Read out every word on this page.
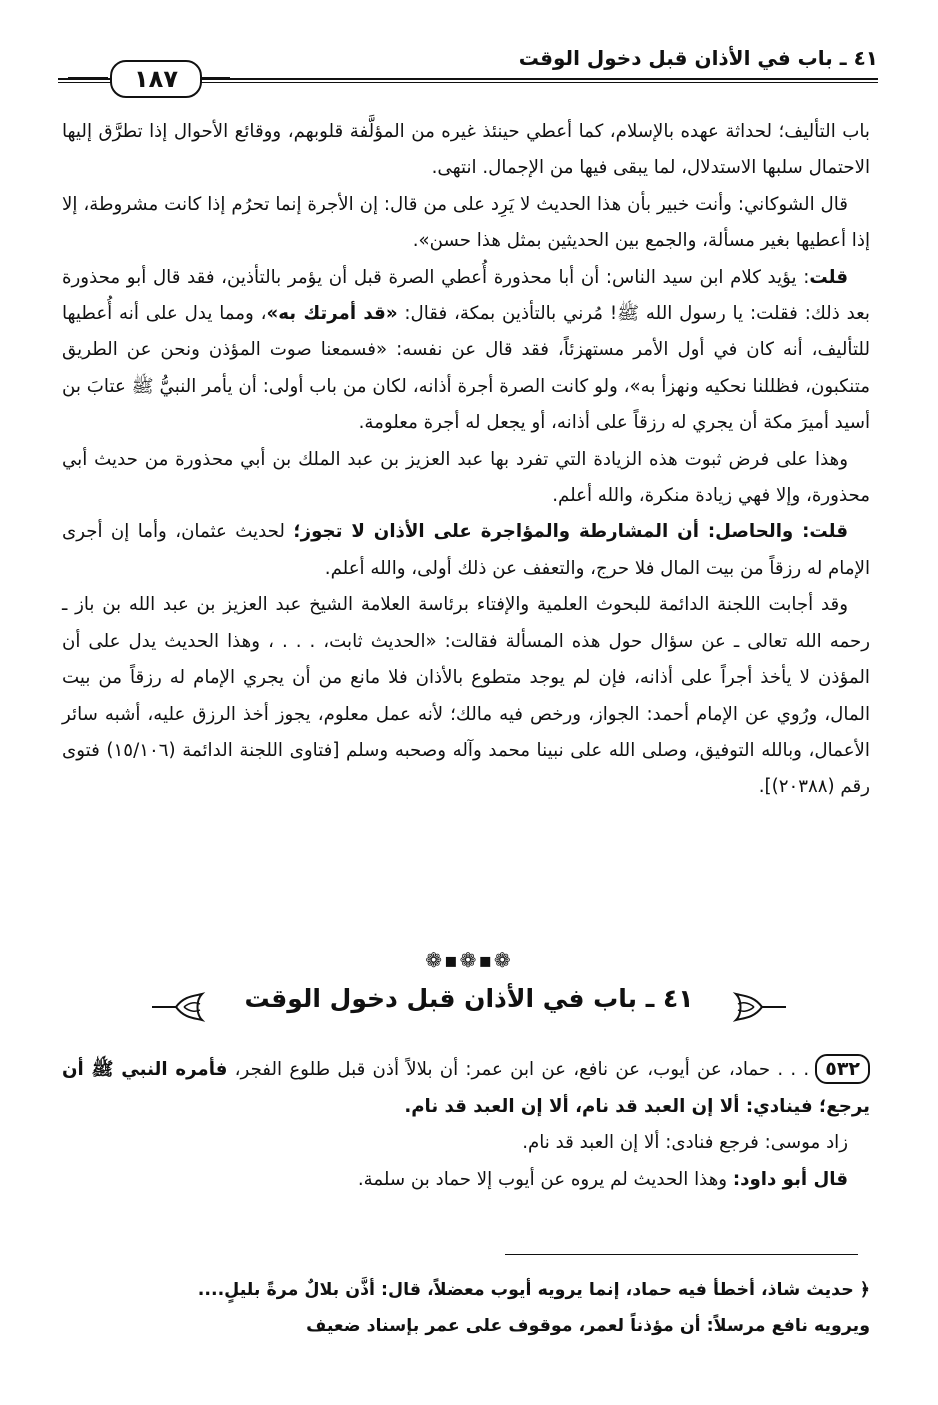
٤١ ـ باب في الأذان قبل دخول الوقت
١٨٧

باب التأليف؛ لحداثة عهده بالإسلام، كما أعطي حينئذ غيره من المؤلَّفة قلوبهم، ووقائع الأحوال إذا تطرَّق إليها الاحتمال سلبها الاستدلال، لما يبقى فيها من الإجمال. انتهى.

قال الشوكاني: وأنت خبير بأن هذا الحديث لا يَرِد على من قال: إن الأجرة إنما تحرُم إذا كانت مشروطة، إلا إذا أعطيها بغير مسألة، والجمع بين الحديثين بمثل هذا حسن».

قلت: يؤيد كلام ابن سيد الناس: أن أبا محذورة أُعطي الصرة قبل أن يؤمر بالتأذين، فقد قال أبو محذورة بعد ذلك: فقلت: يا رسول الله ﷺ! مُرني بالتأذين بمكة، فقال: «قد أمرتك به»، ومما يدل على أنه أُعطيها للتأليف، أنه كان في أول الأمر مستهزئاً، فقد قال عن نفسه: «فسمعنا صوت المؤذن ونحن عن الطريق متنكبون، فظللنا نحكيه ونهزأ به»، ولو كانت الصرة أجرة أذانه، لكان من باب أولى: أن يأمر النبيُّ ﷺ عتابَ بن أسيد أميرَ مكة أن يجري له رزقاً على أذانه، أو يجعل له أجرة معلومة.

وهذا على فرض ثبوت هذه الزيادة التي تفرد بها عبد العزيز بن عبد الملك بن أبي محذورة من حديث أبي محذورة، وإلا فهي زيادة منكرة، والله أعلم.

قلت: والحاصل: أن المشارطة والمؤاجرة على الأذان لا تجوز؛ لحديث عثمان، وأما إن أجرى الإمام له رزقاً من بيت المال فلا حرج، والتعفف عن ذلك أولى، والله أعلم.

وقد أجابت اللجنة الدائمة للبحوث العلمية والإفتاء برئاسة العلامة الشيخ عبد العزيز بن عبد الله بن باز ـ رحمه الله تعالى ـ عن سؤال حول هذه المسألة فقالت: «الحديث ثابت، . . . ، وهذا الحديث يدل على أن المؤذن لا يأخذ أجراً على أذانه، فإن لم يوجد متطوع بالأذان فلا مانع من أن يجري الإمام له رزقاً من بيت المال، ورُوي عن الإمام أحمد: الجواز، ورخص فيه مالك؛ لأنه عمل معلوم، يجوز أخذ الرزق عليه، أشبه سائر الأعمال، وبالله التوفيق، وصلى الله على نبينا محمد وآله وصحبه وسلم [فتاوى اللجنة الدائمة (١٥/١٠٦) فتوى رقم (٢٠٣٨٨)].

❁▪❁▪❁
٤١ ـ باب في الأذان قبل دخول الوقت

٥٣٢. . . حماد، عن أيوب، عن نافع، عن ابن عمر: أن بلالاً أذن قبل طلوع الفجر، فأمره النبي ﷺ أن يرجع؛ فينادي: ألا إن العبد قد نام، ألا إن العبد قد نام.

زاد موسى: فرجع فنادى: ألا إن العبد قد نام.

قال أبو داود: وهذا الحديث لم يروه عن أيوب إلا حماد بن سلمة.

﴿ حديث شاذ، أخطأ فيه حماد، إنما يرويه أيوب معضلاً، قال: أذَّن بلالٌ مرةً بليلٍ....

ويرويه نافع مرسلاً: أن مؤذناً لعمر، موقوف على عمر بإسناد ضعيف
